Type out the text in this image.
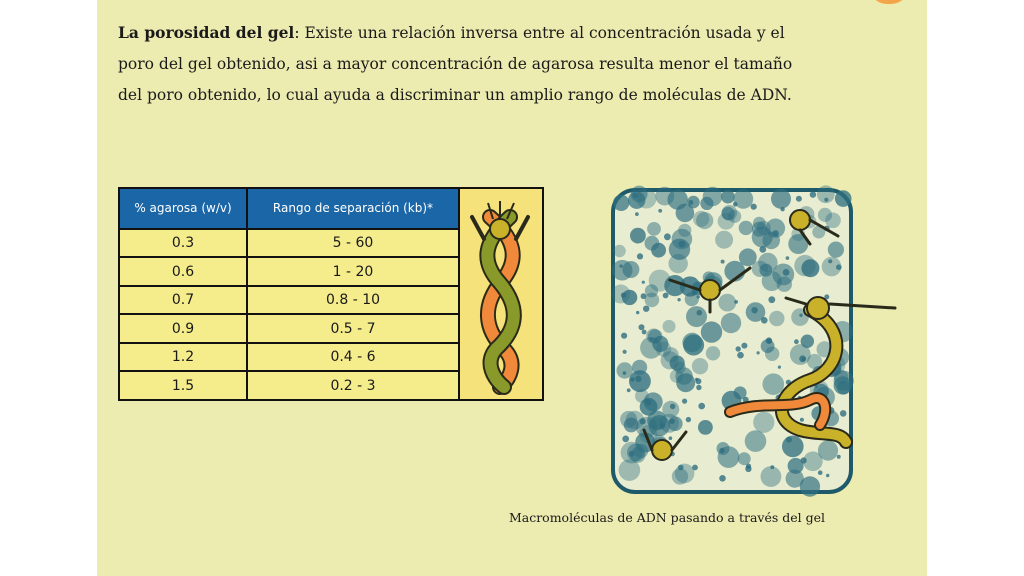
La porosidad del gel: Existe una relación inversa entre al concentración usada y el poro del gel obtenido, asi a mayor concentración de agarosa resulta menor el tamaño del poro obtenido, lo cual ayuda a discriminar un amplio rango de moléculas de ADN.

% agarosa (w/v)	Rango de separación (kb)*	
0.3	5 - 60	
0.6	1 - 20	
0.7	0.8 - 10	
0.9	0.5 - 7	
1.2	0.4 - 6	
1.5	0.2 - 3	
Macromoléculas de ADN pasando a través del gel
